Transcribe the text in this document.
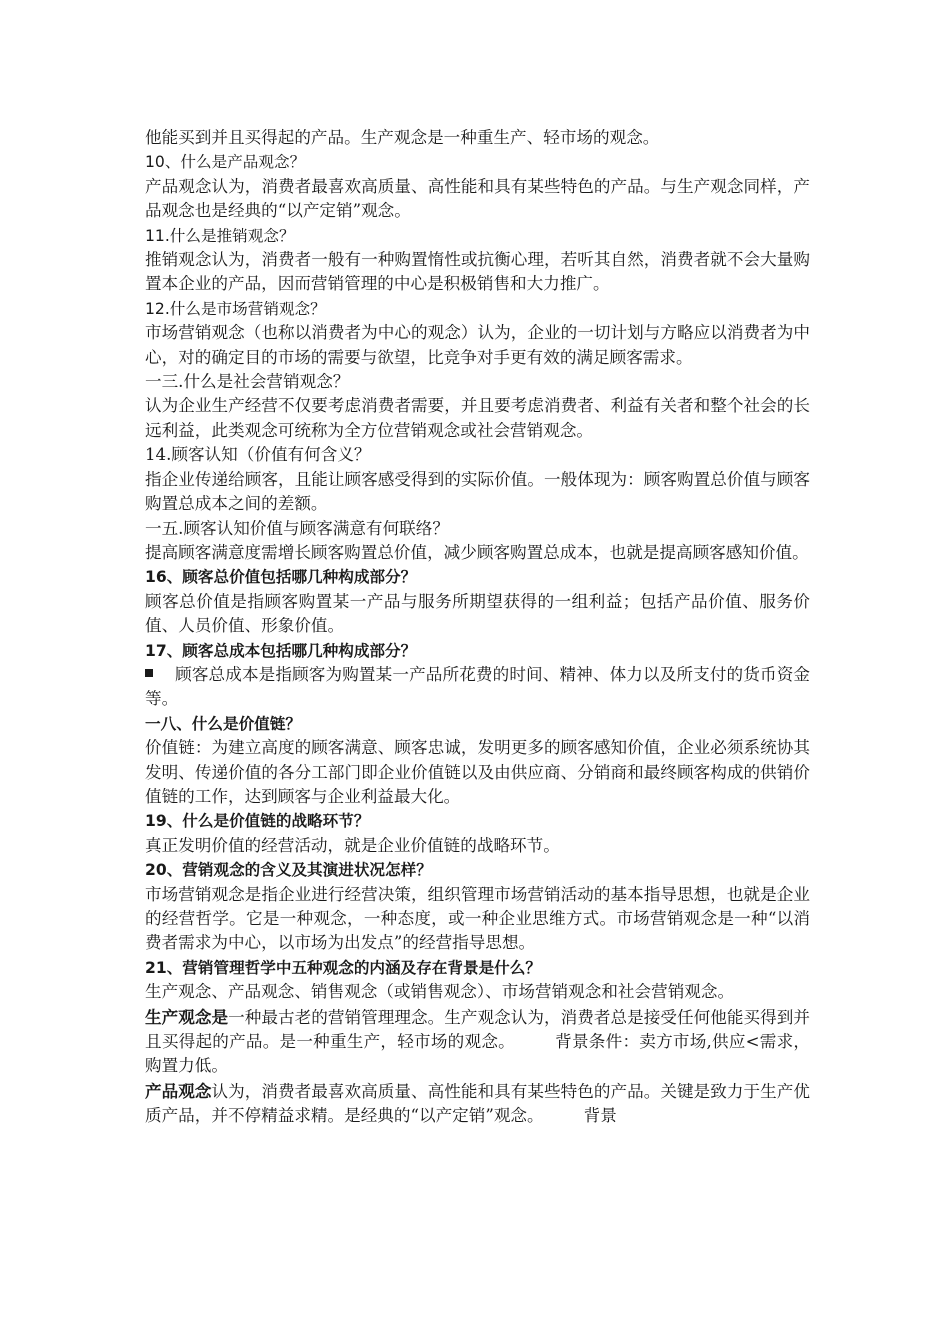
他能买到并且买得起的产品。生产观念是一种重生产、轻市场的观念。

10、什么是产品观念？

产品观念认为，消费者最喜欢高质量、高性能和具有某些特色的产品。与生产观念同样，产品观念也是经典的“以产定销”观念。

11.什么是推销观念？

推销观念认为，消费者一般有一种购置惰性或抗衡心理，若听其自然，消费者就不会大量购置本企业的产品，因而营销管理的中心是积极销售和大力推广。

12.什么是市场营销观念？

市场营销观念（也称以消费者为中心的观念）认为，企业的一切计划与方略应以消费者为中心，对的确定目的市场的需要与欲望，比竞争对手更有效的满足顾客需求。

一三.什么是社会营销观念？

认为企业生产经营不仅要考虑消费者需要，并且要考虑消费者、利益有关者和整个社会的长远利益，此类观念可统称为全方位营销观念或社会营销观念。

14.顾客认知（价值有何含义？

指企业传递给顾客，且能让顾客感受得到的实际价值。一般体现为：顾客购置总价值与顾客购置总成本之间的差额。

一五.顾客认知价值与顾客满意有何联络？

提高顾客满意度需增长顾客购置总价值，减少顾客购置总成本，也就是提高顾客感知价值。

16、顾客总价值包括哪几种构成部分？

顾客总价值是指顾客购置某一产品与服务所期望获得的一组利益；包括产品价值、服务价值、人员价值、形象价值。

17、顾客总成本包括哪几种构成部分？

顾客总成本是指顾客为购置某一产品所花费的时间、精神、体力以及所支付的货币资金等。

一八、什么是价值链？

价值链：为建立高度的顾客满意、顾客忠诚，发明更多的顾客感知价值，企业必须系统协其发明、传递价值的各分工部门即企业价值链以及由供应商、分销商和最终顾客构成的供销价值链的工作，达到顾客与企业利益最大化。

19、什么是价值链的战略环节？

真正发明价值的经营活动，就是企业价值链的战略环节。

20、营销观念的含义及其演进状况怎样？

市场营销观念是指企业进行经营决策，组织管理市场营销活动的基本指导思想，也就是企业的经营哲学。它是一种观念，一种态度，或一种企业思维方式。市场营销观念是一种“以消费者需求为中心，以市场为出发点”的经营指导思想。

21、营销管理哲学中五种观念的内涵及存在背景是什么？

生产观念、产品观念、销售观念（或销售观念）、市场营销观念和社会营销观念。

生产观念是一种最古老的营销管理理念。生产观念认为，消费者总是接受任何他能买得到并且买得起的产品。是一种重生产，轻市场的观念。 背景条件：卖方市场,供应<需求，购置力低。

产品观念认为，消费者最喜欢高质量、高性能和具有某些特色的产品。关键是致力于生产优质产品，并不停精益求精。是经典的“以产定销”观念。 背景
